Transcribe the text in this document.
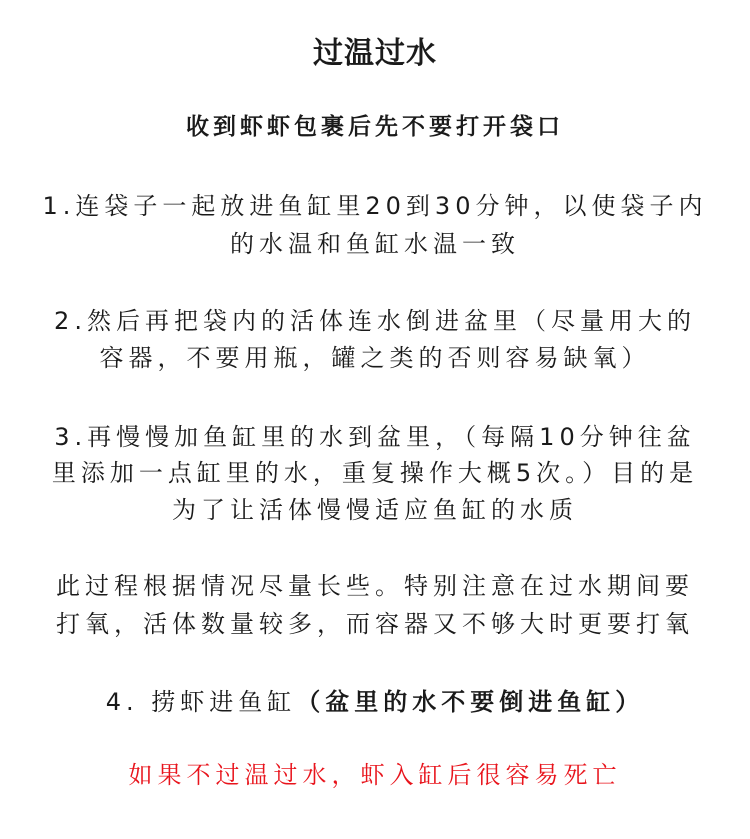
过温过水
收到虾虾包裹后先不要打开袋口
1.连袋子一起放进鱼缸里20到30分钟，以使袋子内
的水温和鱼缸水温一致
2.然后再把袋内的活体连水倒进盆里（尽量用大的
容器，不要用瓶，罐之类的否则容易缺氧）
3.再慢慢加鱼缸里的水到盆里，（每隔10分钟往盆
里添加一点缸里的水，重复操作大概5次。）目的是
为了让活体慢慢适应鱼缸的水质
此过程根据情况尽量长些。特别注意在过水期间要
打氧，活体数量较多，而容器又不够大时更要打氧
4. 捞虾进鱼缸（盆里的水不要倒进鱼缸）
如果不过温过水，虾入缸后很容易死亡
